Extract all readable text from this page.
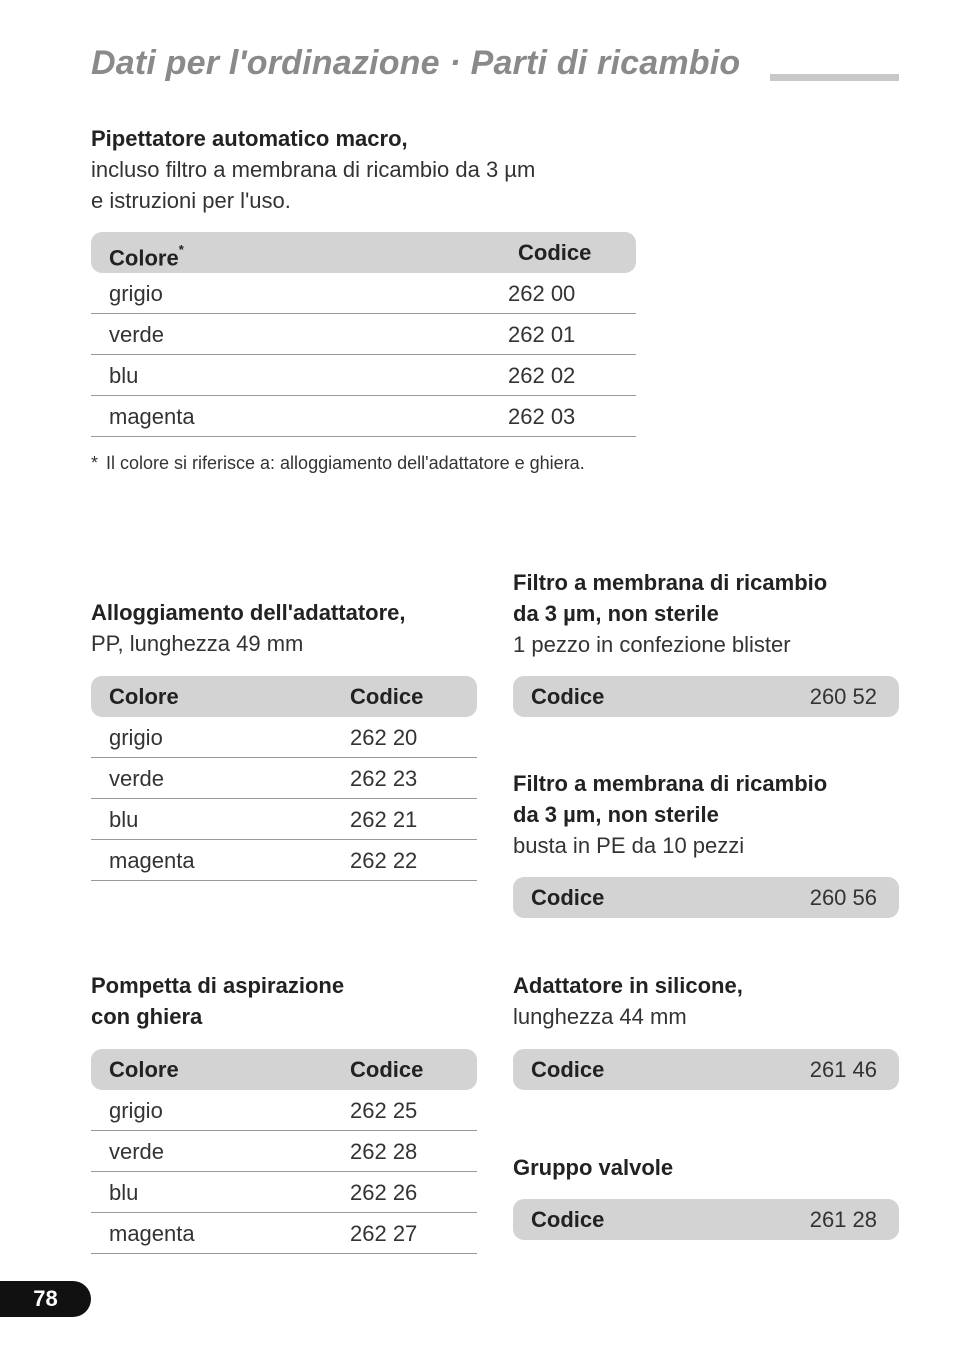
Dati per l'ordinazione · Parti di ricambio
Pipettatore automatico macro,
incluso filtro a membrana di ricambio da 3 µm
e istruzioni per l'uso.
Colore*	Codice
grigio	262 00
verde	262 01
blu	262 02
magenta	262 03
* Il colore si riferisce a: alloggiamento dell'adattatore e ghiera.
Alloggiamento dell'adattatore,
PP, lunghezza 49 mm
Colore	Codice
grigio	262 20
verde	262 23
blu	262 21
magenta	262 22
Pompetta di aspirazione
con ghiera
Colore	Codice
grigio	262 25
verde	262 28
blu	262 26
magenta	262 27
Filtro a membrana di ricambio
da 3 µm, non sterile
1 pezzo in confezione blister
Codice	260 52
Filtro a membrana di ricambio
da 3 µm, non sterile
busta in PE da 10 pezzi
Codice	260 56
Adattatore in silicone,
lunghezza 44 mm
Codice	261 46
Gruppo valvole
Codice	261 28
78
